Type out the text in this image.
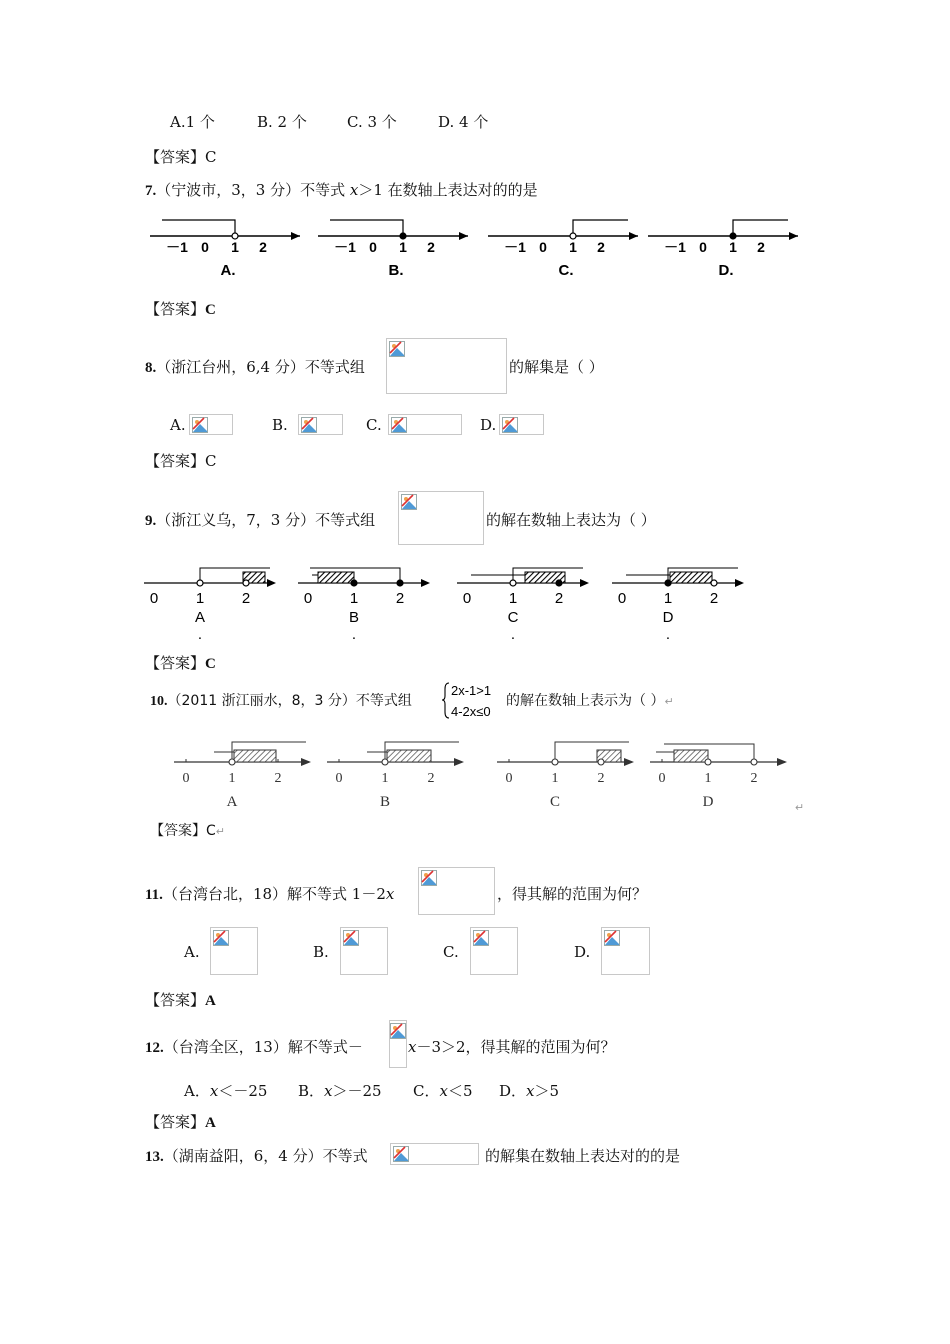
A.1 个	B. 2 个	C. 3 个	D. 4 个
【答案】C
7.（宁波市，3，3 分）不等式 x＞1 在数轴上表达对的的是
－1 0 1 2
A.
－1 0 1 2
B.
－1 0 1 2
C.
－1 0 1 2
D.
【答案】C
8.（浙江台州，6,4 分）不等式组	的解集是（ ）
A.	B.	C.	D.
【答案】C
9.（浙江义乌，7，3 分）不等式组	的解在数轴上表达为（ ）
0	1	2
A
.
0	1	2
B
.
0	1	2
C
.
0	1	2
D
.
【答案】C
10.（2011 浙江丽水，8，3 分）不等式组
2x-1>1
4-2x≤0
的解在数轴上表示为（ ）↵
0	1	2
A
0	1	2
B
0	1	2
C
0	1	2
D	↵
【答案】C↵
11.（台湾台北，18）解不等式 1－2x	，得其解的范围为何？
A.	B.	C.	D.
【答案】A
12.（台湾全区，13）解不等式－	x－3＞2，得其解的范围为何？
A．x＜－25 B．x＞－25 C．x＜5 D．x＞5
【答案】A
13.（湖南益阳，6，4 分）不等式	的解集在数轴上表达对的的是
